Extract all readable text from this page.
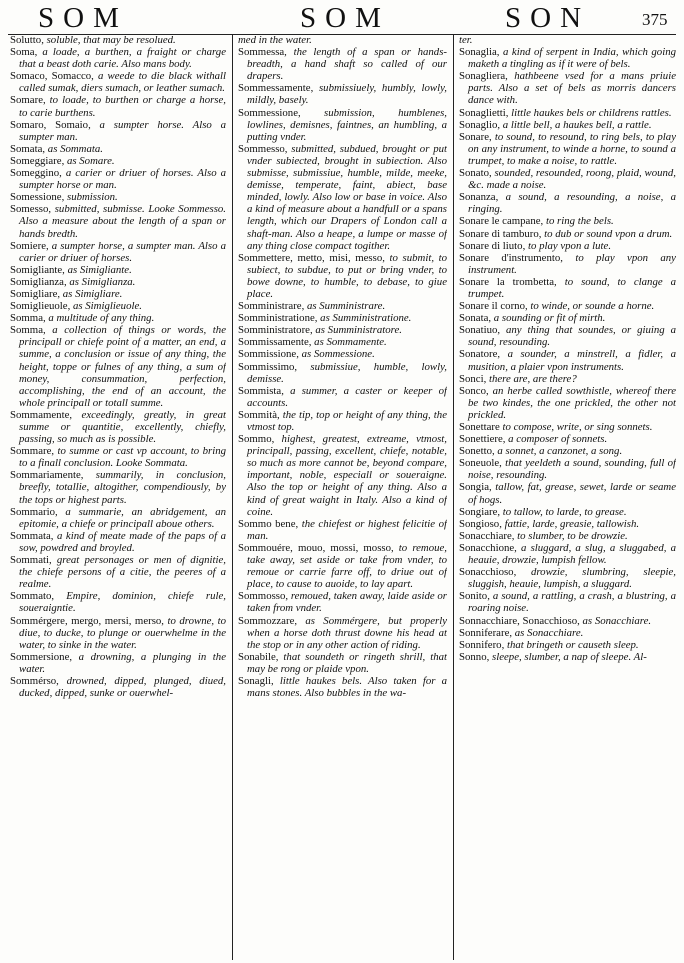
SOM	SOM	SON	375
Solutto, soluble, that may be resolued.
Soma, a loade, a burthen, a fraight or charge that a beast doth carie. Also mans body.
Somaco, Somacco, a weede to die black withall called sumak, diers sumach, or leather sumach.
Somare, to loade, to burthen or charge a horse, to carie burthens.
Somaro, Somaio, a sumpter horse. Also a sumpter man.
Somata, as Sommata.
Someggiare, as Somare.
Someggino, a carier or driuer of horses. Also a sumpter horse or man.
Somessione, submission.
Somesso, submitted, submisse. Looke Sommesso. Also a measure about the length of a span or hands bredth.
Somiere, a sumpter horse, a sumpter man. Also a carier or driuer of horses.
Somigliante, as Simigliante.
Somiglianza, as Simiglianza.
Somigliare, as Simigliare.
Somiglieuole, as Simiglieuole.
Somma, a multitude of any thing.
Somma, a collection of things or words, the principall or chiefe point of a matter, an end, a summe, a conclusion or issue of any thing, the height, toppe or fulnes of any thing, a sum of money, consummation, perfection, accomplishing, the end of an account, the whole principall or totall summe.
Sommamente, exceedingly, greatly, in great summe or quantitie, excellently, chiefly, passing, so much as is possible.
Sommare, to summe or cast vp account, to bring to a finall conclusion. Looke Sommata.
Sommariamente, summarily, in conclusion, breefly, totallie, altogither, compendiously, by the tops or highest parts.
Sommario, a summarie, an abridgement, an epitomie, a chiefe or principall aboue others.
Sommata, a kind of meate made of the paps of a sow, powdred and broyled.
Sommati, great personages or men of dignitie, the chiefe persons of a citie, the peeres of a realme.
Sommato, Empire, dominion, chiefe rule, soueraigntie.
Sommérgere, mergo, mersi, merso, to drowne, to diue, to ducke, to plunge or ouerwhelme in the water, to sinke in the water.
Sommersione, a drowning, a plunging in the water.
Sommérso, drowned, dipped, plunged, diued, ducked, dipped, sunke or ouerwhel-
med in the water.
Sommessa, the length of a span or hands-breadth, a hand shaft so called of our drapers.
Sommessamente, submissiuely, humbly, lowly, mildly, basely.
Sommessione, submission, humblenes, lowlines, demisnes, faintnes, an humbling, a putting vnder.
Sommesso, submitted, subdued, brought or put vnder subiected, brought in subiection. Also submisse, submissiue, humble, milde, meeke, demisse, temperate, faint, abiect, base minded, lowly. Also low or base in voice. Also a kind of measure about a handfull or a spans length, which our Drapers of London call a shaft-man. Also a heape, a lumpe or masse of any thing close compact togither.
Sommettere, metto, misi, messo, to submit, to subiect, to subdue, to put or bring vnder, to bowe downe, to humble, to debase, to giue place.
Somministrare, as Sumministrare.
Somministratione, as Sumministratione.
Somministratore, as Sumministratore.
Sommissamente, as Sommamente.
Sommissione, as Sommessione.
Sommissimo, submissiue, humble, lowly, demisse.
Sommista, a summer, a caster or keeper of accounts.
Sommità, the tip, top or height of any thing, the vtmost top.
Sommo, highest, greatest, extreame, vtmost, principall, passing, excellent, chiefe, notable, so much as more cannot be, beyond compare, important, noble, especiall or soueraigne. Also the top or height of any thing. Also a kind of great waight in Italy. Also a kind of coine.
Sommo bene, the chiefest or highest felicitie of man.
Sommouére, mouo, mossi, mosso, to remoue, take away, set aside or take from vnder, to remoue or carrie farre off, to driue out of place, to cause to auoide, to lay apart.
Sommosso, remoued, taken away, laide aside or taken from vnder.
Sommozzare, as Sommérgere, but properly when a horse doth thrust downe his head at the stop or in any other action of riding.
Sonabile, that soundeth or ringeth shrill, that may be rong or plaide vpon.
Sonagli, little haukes bels. Also taken for a mans stones. Also bubbles in the wa-
ter.
Sonaglia, a kind of serpent in India, which going maketh a tingling as if it were of bels.
Sonagliera, hathbeene vsed for a mans priuie parts. Also a set of bels as morris dancers dance with.
Sonaglietti, little haukes bels or childrens rattles.
Sonaglio, a little bell, a haukes bell, a rattle.
Sonare, to sound, to resound, to ring bels, to play on any instrument, to winde a horne, to sound a trumpet, to make a noise, to rattle.
Sonato, sounded, resounded, roong, plaid, wound, &c. made a noise.
Sonanza, a sound, a resounding, a noise, a ringing.
Sonare le campane, to ring the bels.
Sonare di tamburo, to dub or sound vpon a drum.
Sonare di liuto, to play vpon a lute.
Sonare d'instrumento, to play vpon any instrument.
Sonare la trombetta, to sound, to clange a trumpet.
Sonare il corno, to winde, or sounde a horne.
Sonata, a sounding or fit of mirth.
Sonatiuo, any thing that soundes, or giuing a sound, resounding.
Sonatore, a sounder, a minstrell, a fidler, a musition, a plaier vpon instruments.
Sonci, there are, are there?
Sonco, an herbe called sowthistle, whereof there be two kindes, the one prickled, the other not prickled.
Sonettare to compose, write, or sing sonnets.
Sonettiere, a composer of sonnets.
Sonetto, a sonnet, a canzonet, a song.
Soneuole, that yeeldeth a sound, sounding, full of noise, resounding.
Songia, tallow, fat, grease, sewet, larde or seame of hogs.
Songiare, to tallow, to larde, to grease.
Songioso, fattie, larde, greasie, tallowish.
Sonacchiare, to slumber, to be drowzie.
Sonacchione, a sluggard, a slug, a sluggabed, a heauie, drowzie, lumpish fellow.
Sonacchioso, drowzie, slumbring, sleepie, sluggish, heauie, lumpish, a sluggard.
Sonito, a sound, a rattling, a crash, a blustring, a roaring noise.
Sonnacchiare, Sonacchioso, as Sonacchiare.
Sonniferare, as Sonacchiare.
Sonnifero, that bringeth or causeth sleep.
Sonno, sleepe, slumber, a nap of sleepe. Al-
